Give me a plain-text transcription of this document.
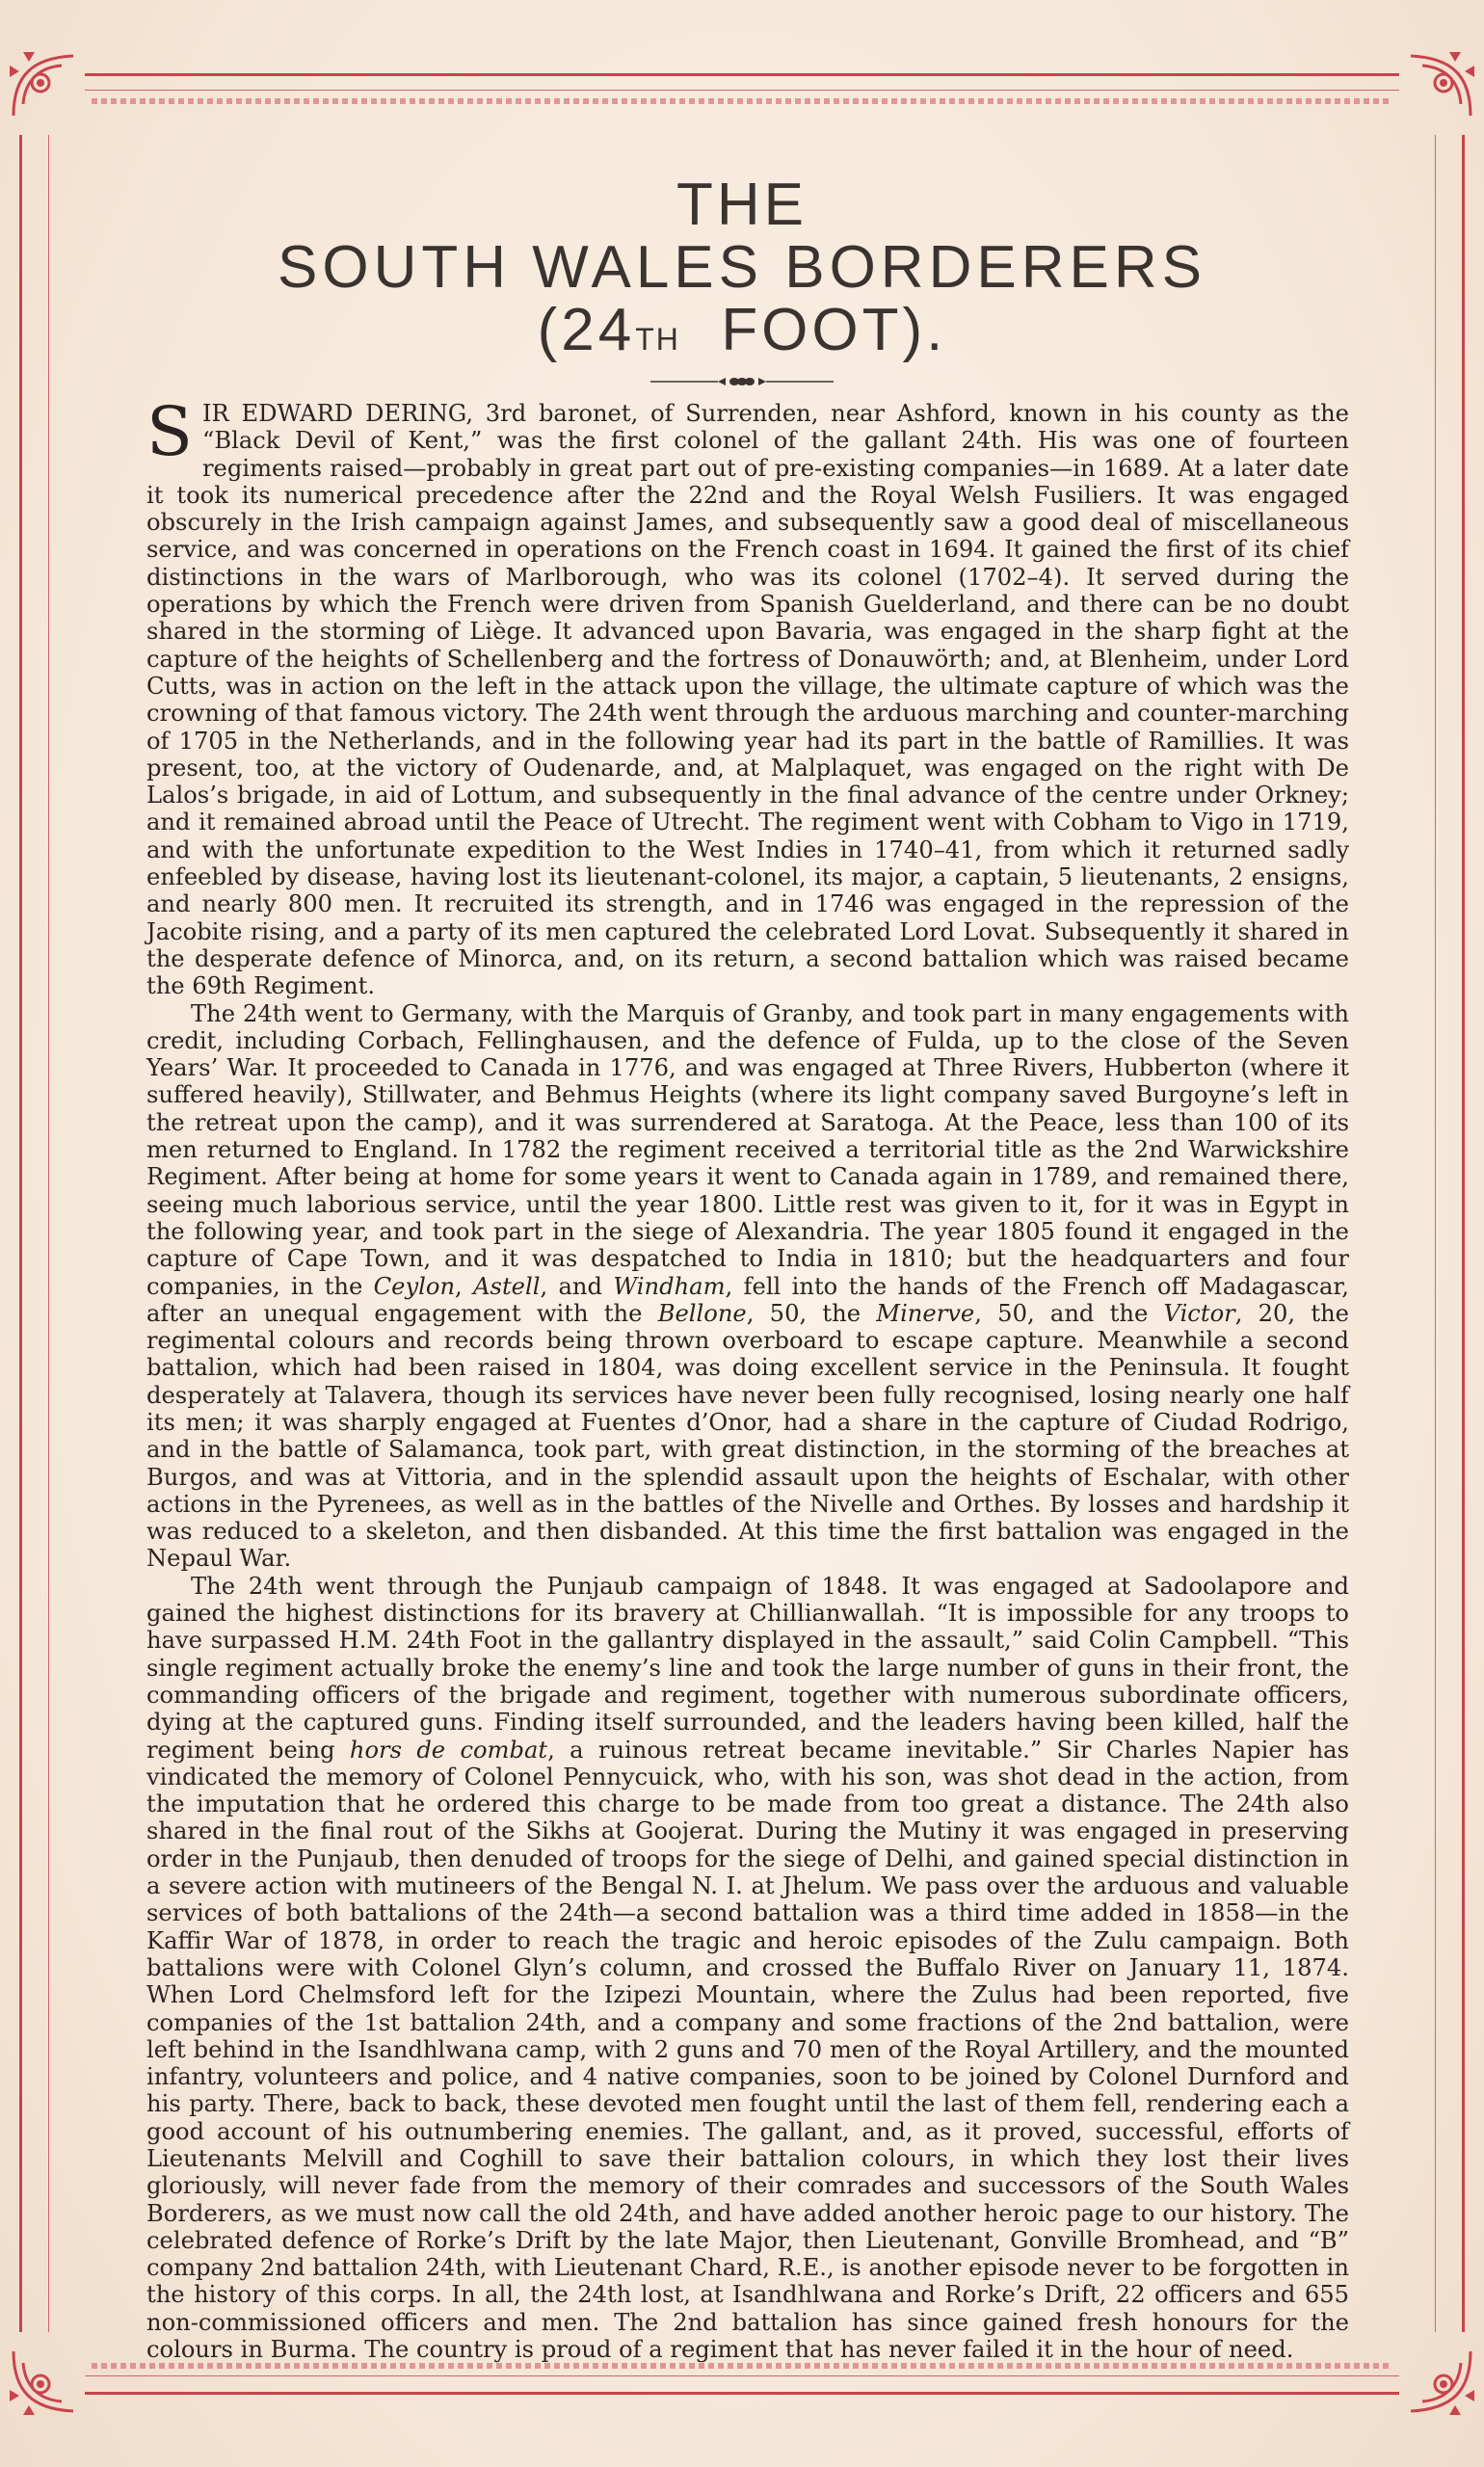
THE
SOUTH WALES BORDERERS
(24TH FOOT).

SIR EDWARD DERING, 3rd baronet, of Surrenden, near Ashford, known in his county as the “Black Devil of Kent,” was the first colonel of the gallant 24th. His was one of fourteen regiments raised—probably in great part out of pre-existing companies—in 1689. At a later date it took its numerical precedence after the 22nd and the Royal Welsh Fusiliers. It was engaged obscurely in the Irish campaign against James, and subsequently saw a good deal of miscellaneous service, and was concerned in operations on the French coast in 1694. It gained the first of its chief distinctions in the wars of Marlborough, who was its colonel (1702–4). It served during the operations by which the French were driven from Spanish Guelderland, and there can be no doubt shared in the storming of Liège. It advanced upon Bavaria, was engaged in the sharp fight at the capture of the heights of Schellenberg and the fortress of Donauwörth; and, at Blenheim, under Lord Cutts, was in action on the left in the attack upon the village, the ultimate capture of which was the crowning of that famous victory. The 24th went through the arduous marching and counter-marching of 1705 in the Netherlands, and in the following year had its part in the battle of Ramillies. It was present, too, at the victory of Oudenarde, and, at Malplaquet, was engaged on the right with De Lalos’s brigade, in aid of Lottum, and subsequently in the final advance of the centre under Orkney; and it remained abroad until the Peace of Utrecht. The regiment went with Cobham to Vigo in 1719, and with the unfortunate expedition to the West Indies in 1740–41, from which it returned sadly enfeebled by disease, having lost its lieutenant-colonel, its major, a captain, 5 lieutenants, 2 ensigns, and nearly 800 men. It recruited its strength, and in 1746 was engaged in the repression of the Jacobite rising, and a party of its men captured the celebrated Lord Lovat. Subsequently it shared in the desperate defence of Minorca, and, on its return, a second battalion which was raised became the 69th Regiment.

The 24th went to Germany, with the Marquis of Granby, and took part in many engagements with credit, including Corbach, Fellinghausen, and the defence of Fulda, up to the close of the Seven Years’ War. It proceeded to Canada in 1776, and was engaged at Three Rivers, Hubberton (where it suffered heavily), Stillwater, and Behmus Heights (where its light company saved Burgoyne’s left in the retreat upon the camp), and it was surrendered at Saratoga. At the Peace, less than 100 of its men returned to England. In 1782 the regiment received a territorial title as the 2nd Warwickshire Regiment. After being at home for some years it went to Canada again in 1789, and remained there, seeing much laborious service, until the year 1800. Little rest was given to it, for it was in Egypt in the following year, and took part in the siege of Alexandria. The year 1805 found it engaged in the capture of Cape Town, and it was despatched to India in 1810; but the headquarters and four companies, in the Ceylon, Astell, and Windham, fell into the hands of the French off Madagascar, after an unequal engagement with the Bellone, 50, the Minerve, 50, and the Victor, 20, the regimental colours and records being thrown overboard to escape capture. Meanwhile a second battalion, which had been raised in 1804, was doing excellent service in the Peninsula. It fought desperately at Talavera, though its services have never been fully recognised, losing nearly one half its men; it was sharply engaged at Fuentes d’Onor, had a share in the capture of Ciudad Rodrigo, and in the battle of Salamanca, took part, with great distinction, in the storming of the breaches at Burgos, and was at Vittoria, and in the splendid assault upon the heights of Eschalar, with other actions in the Pyrenees, as well as in the battles of the Nivelle and Orthes. By losses and hardship it was reduced to a skeleton, and then disbanded. At this time the first battalion was engaged in the Nepaul War.

The 24th went through the Punjaub campaign of 1848. It was engaged at Sadoolapore and gained the highest distinctions for its bravery at Chillianwallah. “It is impossible for any troops to have surpassed H.M. 24th Foot in the gallantry displayed in the assault,” said Colin Campbell. “This single regiment actually broke the enemy’s line and took the large number of guns in their front, the commanding officers of the brigade and regiment, together with numerous subordinate officers, dying at the captured guns. Finding itself surrounded, and the leaders having been killed, half the regiment being hors de combat, a ruinous retreat became inevitable.” Sir Charles Napier has vindicated the memory of Colonel Pennycuick, who, with his son, was shot dead in the action, from the imputation that he ordered this charge to be made from too great a distance. The 24th also shared in the final rout of the Sikhs at Goojerat. During the Mutiny it was engaged in preserving order in the Punjaub, then denuded of troops for the siege of Delhi, and gained special distinction in a severe action with mutineers of the Bengal N. I. at Jhelum. We pass over the arduous and valuable services of both battalions of the 24th—a second battalion was a third time added in 1858—in the Kaffir War of 1878, in order to reach the tragic and heroic episodes of the Zulu campaign. Both battalions were with Colonel Glyn’s column, and crossed the Buffalo River on January 11, 1874. When Lord Chelmsford left for the Izipezi Mountain, where the Zulus had been reported, five companies of the 1st battalion 24th, and a company and some fractions of the 2nd battalion, were left behind in the Isandhlwana camp, with 2 guns and 70 men of the Royal Artillery, and the mounted infantry, volunteers and police, and 4 native companies, soon to be joined by Colonel Durnford and his party. There, back to back, these devoted men fought until the last of them fell, rendering each a good account of his outnumbering enemies. The gallant, and, as it proved, successful, efforts of Lieutenants Melvill and Coghill to save their battalion colours, in which they lost their lives gloriously, will never fade from the memory of their comrades and successors of the South Wales Borderers, as we must now call the old 24th, and have added another heroic page to our history. The celebrated defence of Rorke’s Drift by the late Major, then Lieutenant, Gonville Bromhead, and “B” company 2nd battalion 24th, with Lieutenant Chard, R.E., is another episode never to be forgotten in the history of this corps. In all, the 24th lost, at Isandhlwana and Rorke’s Drift, 22 officers and 655 non-commissioned officers and men. The 2nd battalion has since gained fresh honours for the colours in Burma. The country is proud of a regiment that has never failed it in the hour of need.
